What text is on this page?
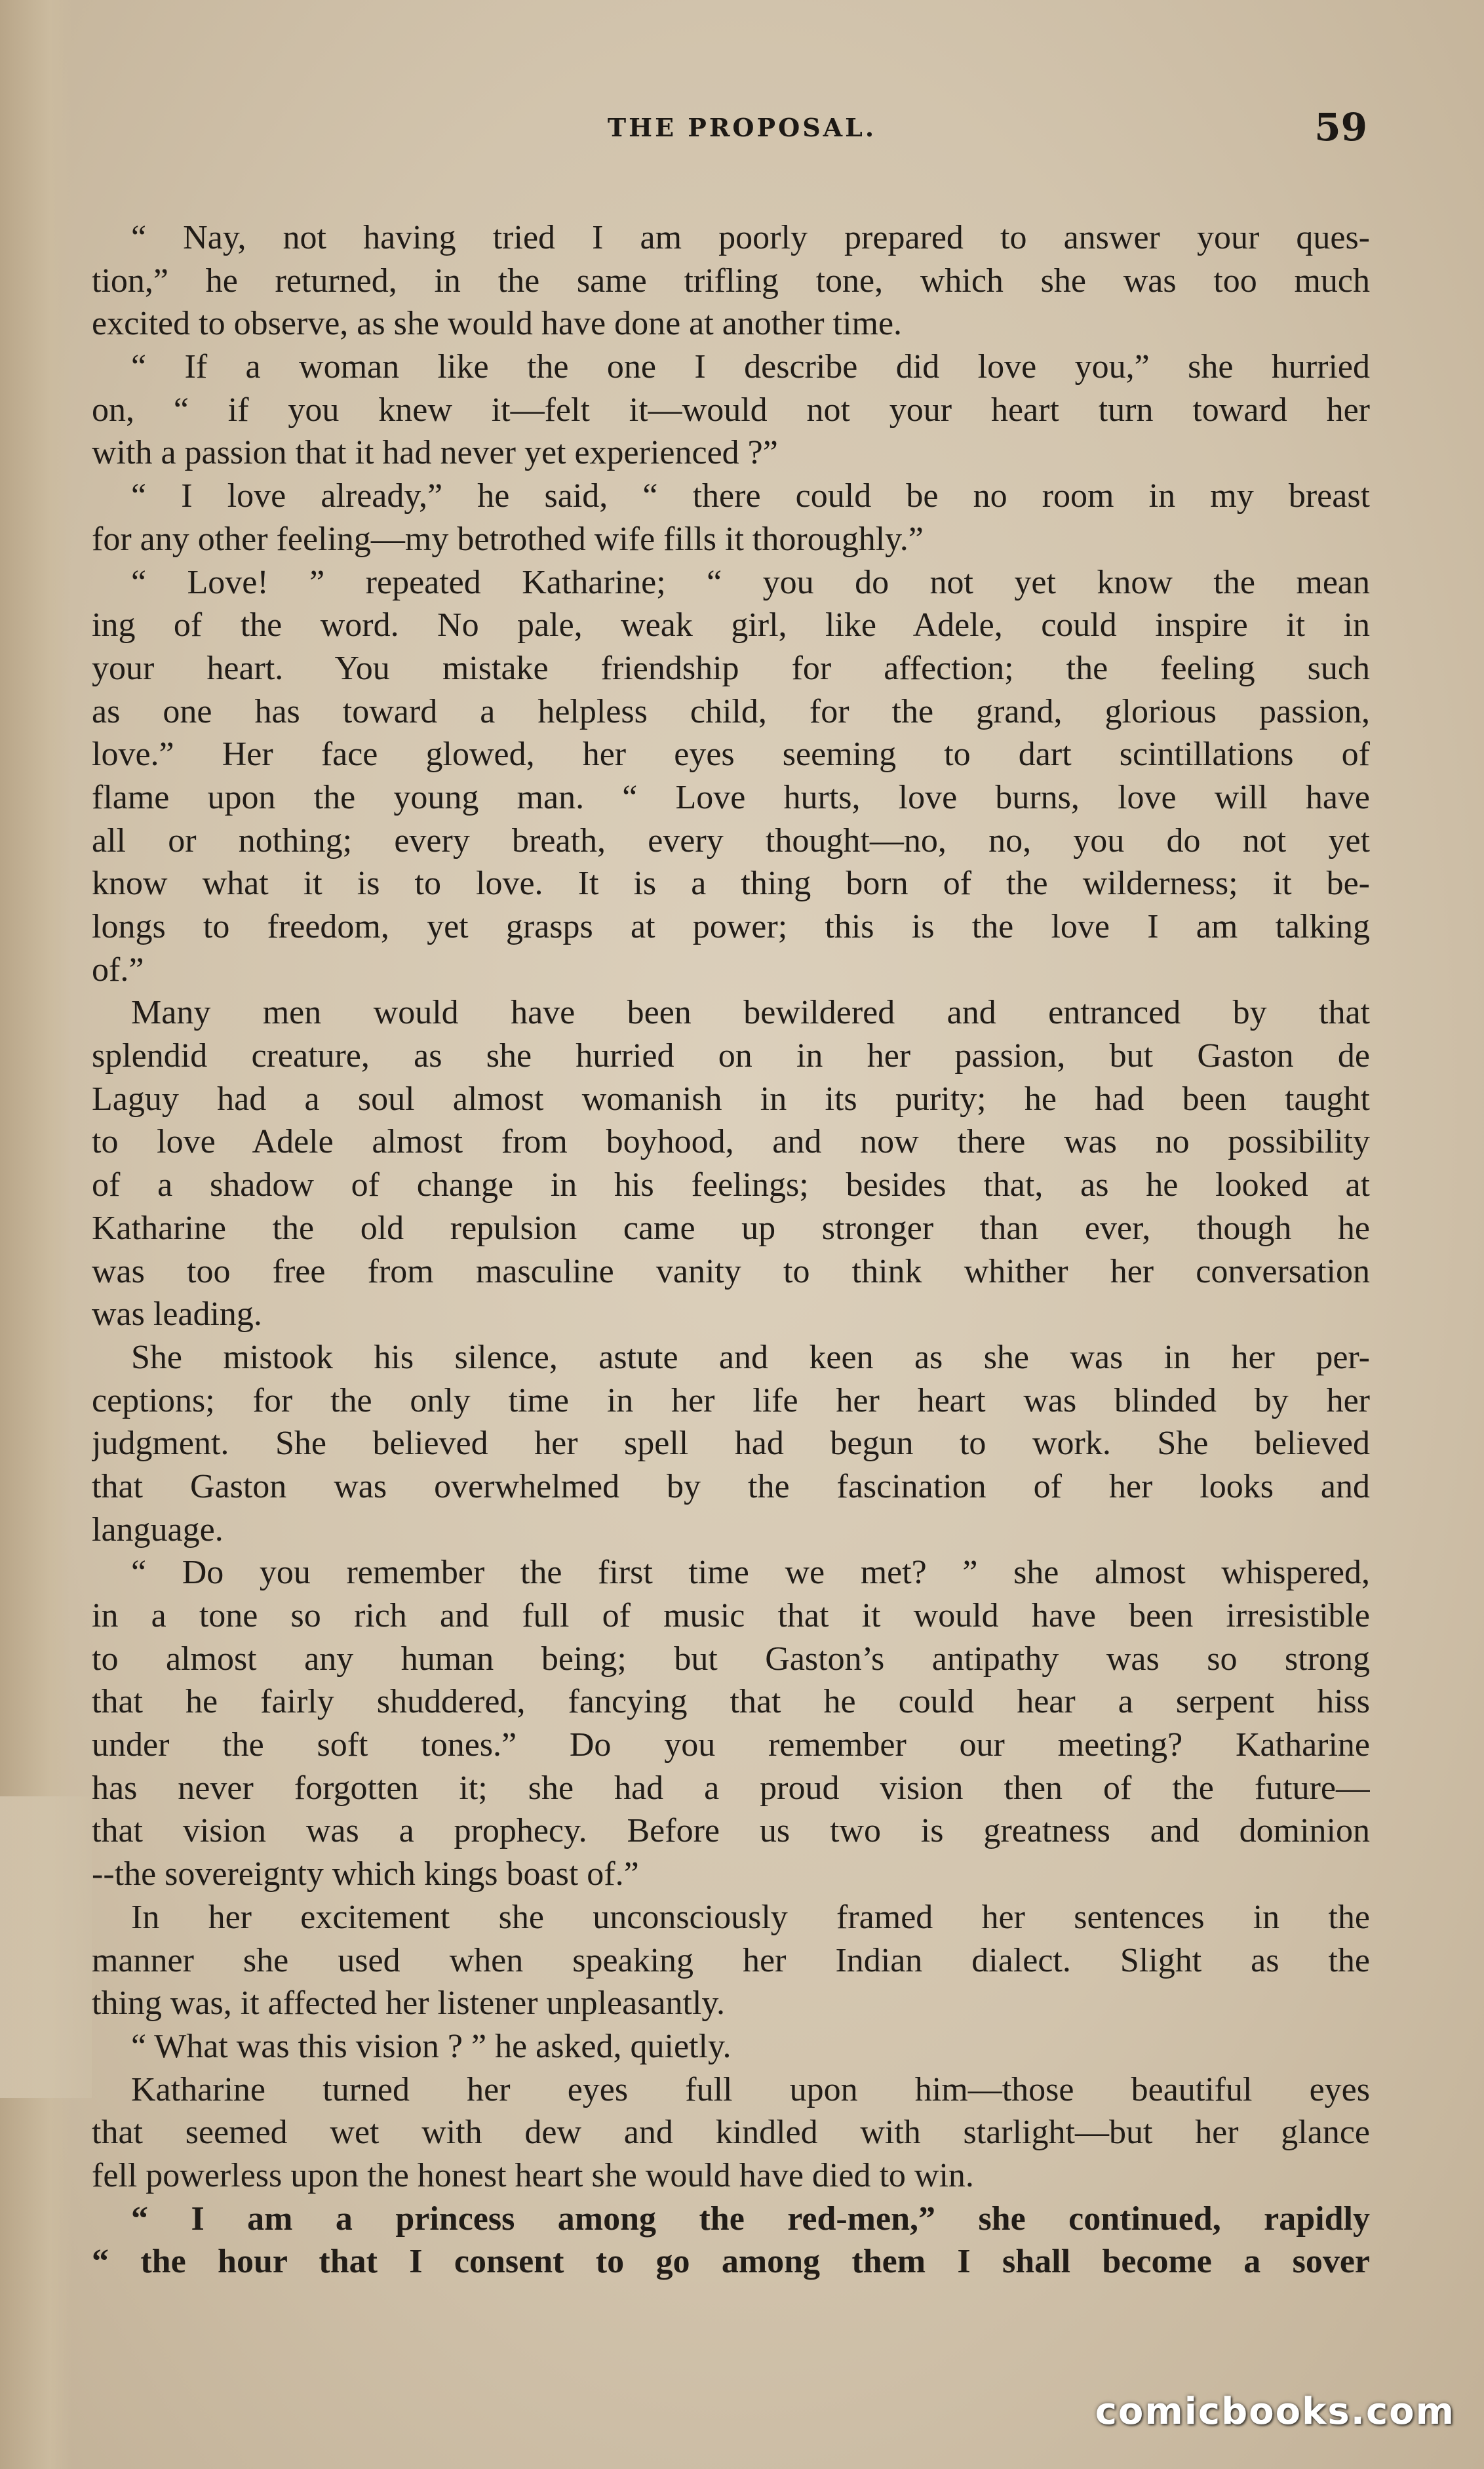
THE PROPOSAL.	59
“ Nay, not having tried I am poorly prepared to answer your ques-
tion,” he returned, in the same trifling tone, which she was too much
excited to observe, as she would have done at another time.
“ If a woman like the one I describe did love you,” she hurried
on, “ if you knew it—felt it—would not your heart turn toward her
with a passion that it had never yet experienced ?”
“ I love already,” he said, “ there could be no room in my breast
for any other feeling—my betrothed wife fills it thoroughly.”
“ Love! ” repeated Katharine; “ you do not yet know the mean
ing of the word. No pale, weak girl, like Adele, could inspire it in
your heart. You mistake friendship for affection; the feeling such
as one has toward a helpless child, for the grand, glorious passion,
love.” Her face glowed, her eyes seeming to dart scintillations of
flame upon the young man. “ Love hurts, love burns, love will have
all or nothing; every breath, every thought—no, no, you do not yet
know what it is to love. It is a thing born of the wilderness; it be-
longs to freedom, yet grasps at power; this is the love I am talking
of.”
Many men would have been bewildered and entranced by that
splendid creature, as she hurried on in her passion, but Gaston de
Laguy had a soul almost womanish in its purity; he had been taught
to love Adele almost from boyhood, and now there was no possibility
of a shadow of change in his feelings; besides that, as he looked at
Katharine the old repulsion came up stronger than ever, though he
was too free from masculine vanity to think whither her conversation
was leading.
She mistook his silence, astute and keen as she was in her per-
ceptions; for the only time in her life her heart was blinded by her
judgment. She believed her spell had begun to work. She believed
that Gaston was overwhelmed by the fascination of her looks and
language.
“ Do you remember the first time we met? ” she almost whispered,
in a tone so rich and full of music that it would have been irresistible
to almost any human being; but Gaston’s antipathy was so strong
that he fairly shuddered, fancying that he could hear a serpent hiss
under the soft tones.” Do you remember our meeting? Katharine
has never forgotten it; she had a proud vision then of the future—
that vision was a prophecy. Before us two is greatness and dominion
--the sovereignty which kings boast of.”
In her excitement she unconsciously framed her sentences in the
manner she used when speaking her Indian dialect. Slight as the
thing was, it affected her listener unpleasantly.
“ What was this vision ? ” he asked, quietly.
Katharine turned her eyes full upon him—those beautiful eyes
that seemed wet with dew and kindled with starlight—but her glance
fell powerless upon the honest heart she would have died to win.
“ I am a princess among the red-men,” she continued, rapidly
“ the hour that I consent to go among them I shall become a sover
comicbooks.com
